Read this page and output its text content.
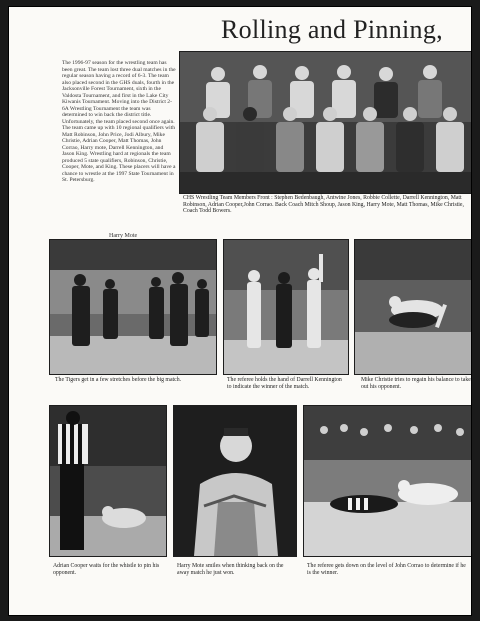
Rolling and Pinning,
The 1996-97 season for the wrestling team has been great. The team lost three dual matches in the regular season having a record of 6-3. The team also placed second in the GHS duals, fourth in the Jacksonville Forest Tournament, sixth in the Valdosta Tournament, and first in the Lake City Kiwanis Tournament. Moving into the District 2-6A Wrestling Tournament the team was determined to win back the district title. Unfortunately, the team placed second once again. The team came up with 10 regional qualifiers with Matt Robinson, John Price, Jodi Albury, Mike Christie, Adrian Cooper, Matt Thomas, John Corrao, Harry mote, Darrell Kennington, and Jason King. Wrestling hard at regionals the team produced 5 state qualifiers, Robinson, Christie, Cooper, Mote, and King. These placers will have a chance to wrestle at the 1997 State Tournament in St. Petersburg.
Harry Mote
CHS Wrestling Team Members Front : Stephen Bedenbaugh, Antwine Jones, Robbie Collette, Darrell Kennington, Matt Robinson, Adrian Cooper,John Corrao. Back Coach Mitch Shoup, Jason King, Harry Mote, Matt Thomas, Mike Christie, Coach Todd Bowers.
The Tigers get in a few stretches before the big match.	The referee holds the hand of Darrell Kennington to indicate the winner of the match.
Mike Christie tries to regain his balance to take out his opponent.
Adrian Cooper waits for the whistle to pin his opponent.
Harry Mote smiles when thinking back on the away match he just won.
The referee gets down on the level of John Corrao to determine if he is the winner.
